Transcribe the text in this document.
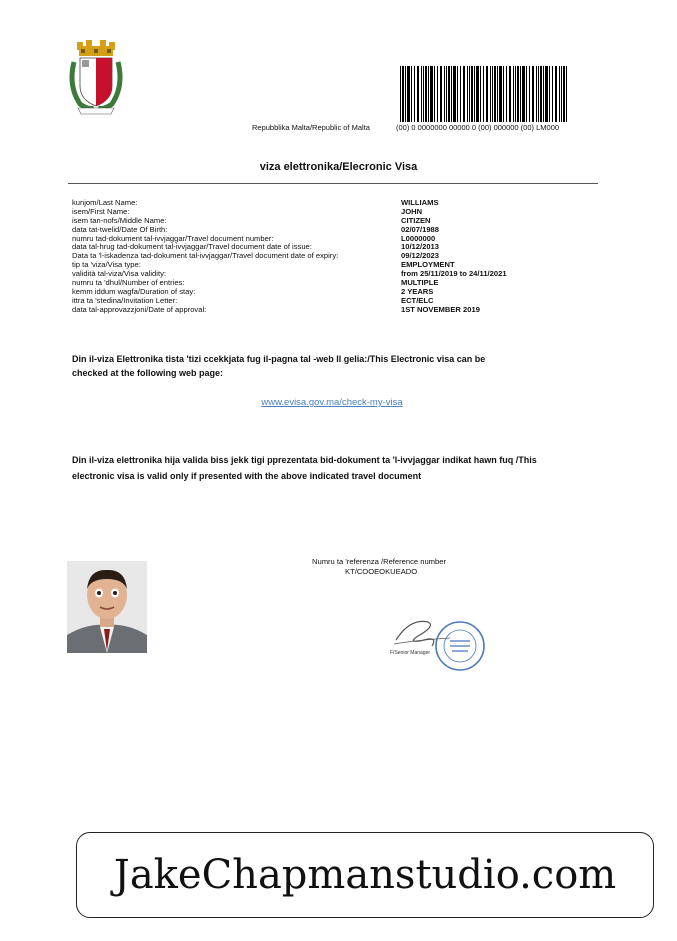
Repubblika Malta/Republic of Malta	(00) 0 0000000 00000 0 (00) 000000 (00) LM000
viza elettronika/Elecronic Visa
kunjom/Last Name:	WILLIAMS
isem/First Name:	JOHN
isem tan-nofs/Middle Name:	CITIZEN
data tat-twelid/Date Of Birth:	02/07/1988
numru tad-dokument tal-ivvjaggar/Travel document number:	L0000000
data tal-hrug tad-dokument tal-ivvjaggar/Travel document date of issue:	10/12/2013
Data ta 'l-iskadenza tad-dokument tal-ivvjaggar/Travel document date of expiry:	09/12/2023
tip ta 'viza/Visa type:	EMPLOYMENT
validità tal-viza/Visa validity:	from 25/11/2019 to 24/11/2021
numru ta 'dhul/Number of entries:	MULTIPLE
kemm iddum wagfa/Duration of stay:	2 YEARS
ittra ta 'stedina/Invitation Letter:	ECT/ELC
data tal-approvazzjoni/Date of approval:	1ST NOVEMBER 2019
Din il-viza Elettronika tista 'tizi ccekkjata fug il-pagna tal -web Il gelia:/This Electronic visa can be checked at the following web page:
www.evisa.gov.ma/check-my-visa
Din il-viza elettronika hija valida biss jekk tigi pprezentata bid-dokument ta 'l-ivvjaggar indikat hawn fuq /This electronic visa is valid only if presented with the above indicated travel document
Numru ta 'referenza /Reference number
KT/COOEOKUEADO
F/Senior Manager
JakeChapmanstudio.com
